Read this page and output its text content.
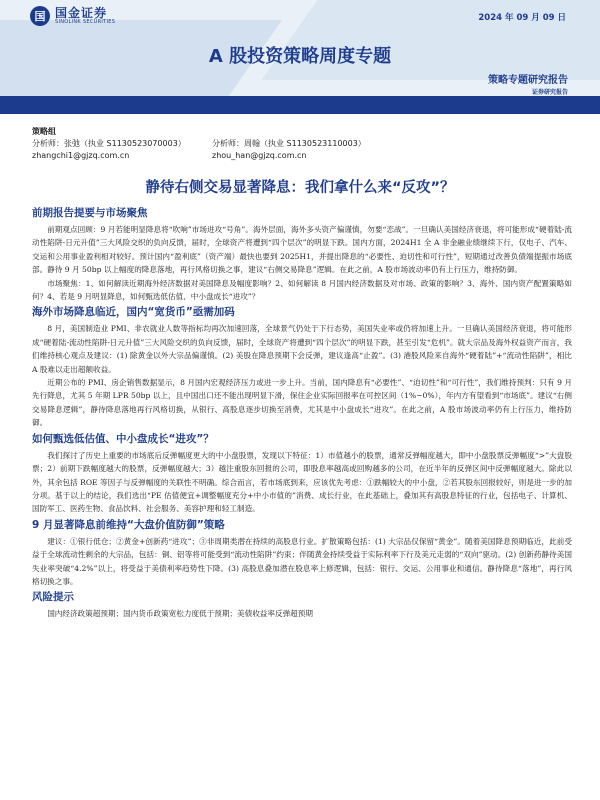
国 国金证券
SINOLINK SECURITIES	2024 年 09 月 09 日
A 股投资策略周度专题
策略专题研究报告
证券研究报告
策略组
分析师：张弛（执业 S1130523070003）	分析师：周翰（执业 S1130523110003）
zhangchi1@gjzq.com.cn	zhou_han@gjzq.com.cn
静待右侧交易显著降息：我们拿什么来“反攻”？
前期报告提要与市场聚焦

前期观点回顾：9 月若能明显降息将“吹响”市场进攻“号角”。海外层面，海外多头资产偏谨慎，勿要“恋战”。一旦确认美国经济衰退，将可能形成“硬着陆-流动性陷阱-日元升值”三大风险交织的负向反馈，届时，全球资产将遭到“四个层次”的明显下跌。国内方面，2024H1 全 A 非金融业绩继续下行，仅电子、汽车、交运和公用事业盈利相对较好。预计国内“盈利底”（资产端）最快也要到 2025H1，并提出降息的“必要性、迫切性和可行性”，短期通过改善负债端提振市场底部。静待 9 月 50bp 以上幅度的降息落地，再行风格切换之事，建议“右侧交易降息”逻辑。在此之前，A 股市场波动率仍有上行压力，维持防御。

市场聚焦：1、如何解读近期海外经济数据对美国降息及幅度影响？2、如何解读 8 月国内经济数据及对市场、政策的影响？3、海外、国内资产配置策略如何？4、若是 9 月明显降息，如何甄选低估值、中小盘成长“进攻”？

海外市场降息临近，国内“宽货币”亟需加码

8 月，美国制造业 PMI、非农就业人数等指标均再次加速回落，全球景气仍处于下行态势，美国失业率或仍将加速上升。一旦确认美国经济衰退，将可能形成“硬着陆-流动性陷阱-日元升值”三大风险交织的负向反馈，届时，全球资产将遭到“四个层次”的明显下跌，甚至引发“危机”。就大宗品及海外权益资产而言，我们维持核心观点及建议：(1) 除黄金以外大宗品偏谨慎。(2) 美股在降息预期下会反弹，建议逢高“止盈”。(3) 港股风险来自海外“硬着陆”+“流动性陷阱”，相比 A 股难以走出超额收益。

近期公布的 PMI、房企销售数据显示，8 月国内宏观经济压力或进一步上升。当前，国内降息有“必要性”、“迫切性”和“可行性”，我们维持预判：只有 9 月先行降息，尤其 5 年期 LPR 50bp 以上，且中国出口还不能出现明显下滑，保住企业实际回报率在可控区间（1%~0%），年内方有望看到“市场底”。建议“右侧交易降息逻辑”，静待降息落地再行风格切换，从银行、高股息逐步切换至消费，尤其是中小盘成长“进攻”。在此之前，A 股市场波动率仍有上行压力，维持防御。

如何甄选低估值、中小盘成长“进攻”？

我们探讨了历史上重要的市场底后反弹幅度更大的中小盘股票，发现以下特征：1）市值越小的股票，通常反弹幅度越大，即中小盘股票反弹幅度“>”大盘股票；2）前期下跌幅度越大的股票，反弹幅度越大；3）越注重股东回报的公司，即股息率越高或回购越多的公司，在近半年的反弹区间中反弹幅度越大。除此以外，其余包括 ROE 等因子与反弹幅度的关联性不明确。综合而言，若市场底到来，应该优先考虑：①跌幅较大的中小盘，②若其股东回报较好，则是进一步的加分项。基于以上的结论，我们选出“PE 估值便宜+调整幅度充分+中小市值的”消费、成长行业，在此基础上，叠加其有高股息特征的行业，包括电子、计算机、国防军工、医药生物、食品饮料、社会服务、美容护理和轻工制造。

9 月显著降息前维持“大盘价值防御”策略

建议：①银行低仓；②黄金+创新药“进攻”；③非周期类潜在持续的高股息行业。扩散策略包括：(1) 大宗品仅保留“黄金”。随着美国降息预期临近，此前受益于全球流动性剩余的大宗品，包括：铜、铝等将可能受到“流动性陷阱”约束；伴随黄金持续受益于实际利率下行及美元走弱的“双向”驱动。(2) 创新药静待美国失业率突破“4.2%”以上，将受益于美债利率趋势性下降。(3) 高股息叠加潜在股息率上修逻辑，包括：银行、交运、公用事业和通信。静待降息“落地”，再行风格切换之事。

风险提示

国内经济政策超预期；国内货币政策宽松力度低于预期；美债收益率反弹超预期
